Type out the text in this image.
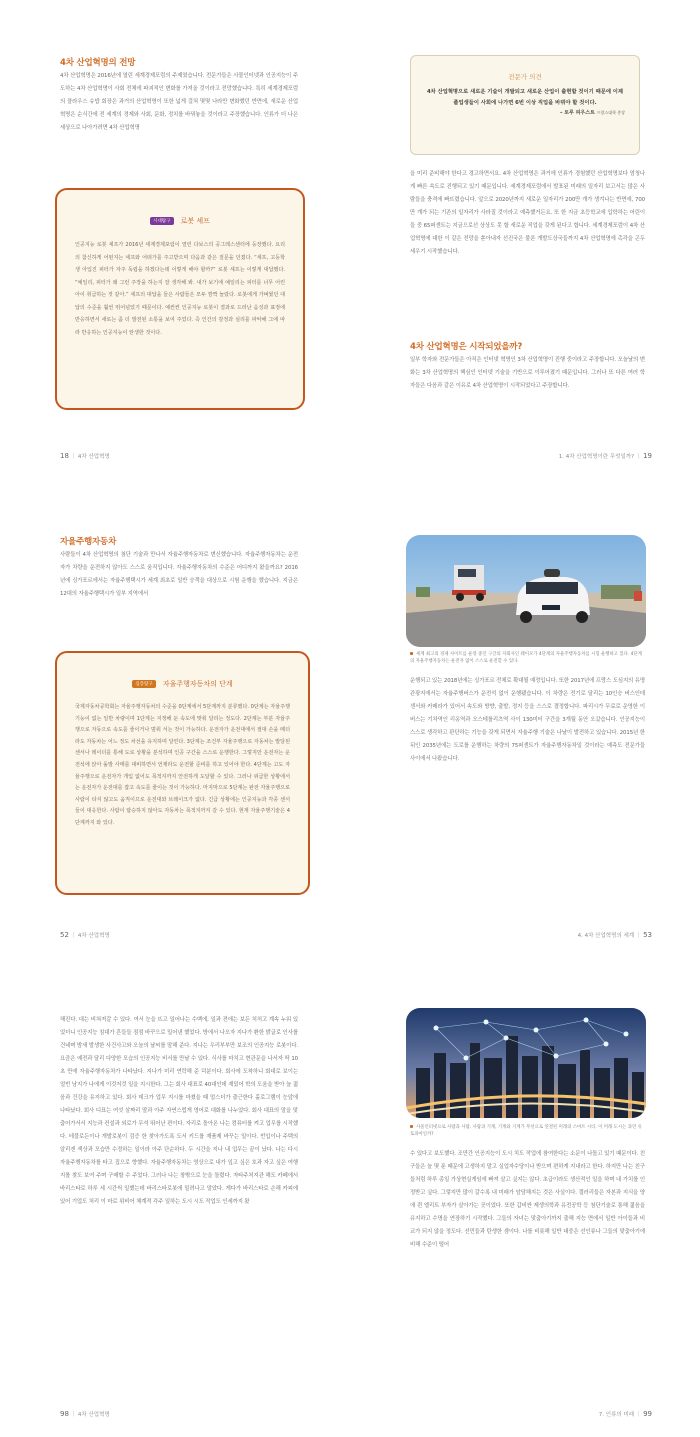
4차 산업혁명의 전망
4차 산업혁명은 2016년에 열린 세계경제포럼의 주제였습니다. 전문가들은 사물인터넷과 인공지능이 주도하는 4차 산업혁명이 사회 전체에 파괴적인 변화를 가져올 것이라고 전망했습니다. 특히 세계경제포럼의 클라우스 슈밥 회장은 과거의 산업혁명이 또한 넓게 걸쳐 몇몇 나라만 변화했던 반면에, 새로운 산업혁명은 순식간에 전 세계의 경제와 사회, 문화, 정치를 바꿔놓을 것이라고 주장했습니다. 인류가 더 나은 세상으로 나아가려면 4차 산업혁명
시대탐구 로봇 셰프
인공지능 로봇 셰프가 2016년 세계경제포럼이 열린 다보스의 공그레스센터에 등장했다. 요리의 참신하게 어떤지는 셰프와 어떠가를 주고받으며 다음과 같은 질문을 던졌다. “셰프, 고등학생 아입진 피터가 자주 독립을 하겠다는데 이렇게 해야 할까?” 로봇 셰프는 이렇게 대답했다. “예일리, 피터가 왜 그런 주장을 하는지 잘 생각해 봐. 내가 보기에 예일리는 피터를 너무 어린아이 취급하는 것 같아.” 셰프의 대답을 들은 사람들은 모두 깜짝 놀랐다. 로봇에게 가벼웠던 대답의 수준을 훨씬 뛰어넘었기 때문이다. 예컨컨 인공지능 로봇이 결과로 드러난 음성과 표정에 반응하면서 새로는 좀 더 발전된 소통을 보여 주었다. 즉 인간의 감정과 심리를 파악해 그에 따라 반응하는 인공지능이 탄생한 것이다.
18 ｜ 4차 산업혁명
전문가 의견
4차 산업혁명으로 새로운 기술이 개발되고 새로운 산업이 출현할 것이기 때문에 이제 졸업생들이 사회에 나가면 6번 이상 직업을 바꿔야 할 것이다.
– 토루 피우스트 프랑스대학 총장
을 미리 준비해야 한다고 경고하면서요. 4차 산업혁명은 과거에 인류가 경험했던 산업혁명보다 엄청나게 빠른 속도로 진행되고 있기 때문입니다. 세계경제포럼에서 발표된 미래의 일자리 보고서는 많은 사람들을 충격에 빠뜨렸습니다. 앞으로 2020년까지 새로운 일자리가 200만 개가 생겨나는 반면에, 700만 개가 되는 기존의 일자리가 사라질 것이라고 예측했거든요. 또 한 지금 초등학교에 입학하는 어린이들 중 65퍼센트는 지금으로선 상상도 못 할 새로운 직업을 갖게 된다고 합니다. 세계경제포럼이 4차 산업혁명에 대한 이 같은 전망을 쏟아내자 선진국은 물론 개발도상국들까지 4차 산업혁명에 촉각을 곤두세우기 시작했습니다.
4차 산업혁명은 시작되었을까?
일부 학자와 전문가들은 아직은 인터넷 혁명인 3차 산업혁명이 진행 중이라고 주장합니다. 오늘날의 변화는 3차 산업혁명의 핵심인 인터넷 기술을 기반으로 이루어졌기 때문입니다. 그러나 또 다른 여러 학자들은 다음과 같은 이유로 4차 산업혁명이 시작되었다고 주장합니다.
1. 4차 산업혁명이란 무엇일까? ｜ 19
자율주행자동차
사람들이 4차 산업혁명의 첨단 기술과 만나서 자율주행자동차로 변신했습니다. 자율주행자동차는 운전자가 차량을 운전하지 않아도 스스로 움직입니다. 자율주행자동차의 수준은 어디까지 왔을까요? 2016년에 싱가포르에서는 자율주행택시가 세계 최초로 일반 승객을 대상으로 시험 운행을 했습니다. 지금은 12대의 자율주행택시가 일부 지역에서
심층탐구 자율주행자동차의 단계
국제자동차공학회는 자율주행자동차의 수준을 0단계에서 5단계까지 분류했다. 0단계는 자율주행 기능이 없는 일반 차량이며 1단계는 지정해 둔 속도에 맞춰 달리는 정도다. 2단계는 부분 자율주행으로 자동으로 속도를 줄이거나 멈춰 서는 것이 가능하다. 운전자가 운전대에서 절대 손을 떼더라도 자동차는 어느 정도 차선을 유지하며 달린다. 3단계는 조건부 자율주행으로 자동차는 발달된 센서나 레이더를 통해 도로 상황을 분석하며 인공 구간을 스스로 운행한다. 그렇지만 운전자는 운전석에 앉아 돌발 사태를 대비하면서 언제라도 운전할 준비를 하고 있어야 한다. 4단계는 고도 자율주행으로 운전자가 개입 없어도 목적지까지 안전하게 도달할 수 있다. 그러나 위급한 상황에서는 운전자가 운전대를 잡고 속도를 줄이는 것이 가능하다. 마지막으로 5단계는 완전 자율주행으로 사람이 타지 않고도 움직이므로 운전대와 브레이크가 없다. 긴급 상황에는 인공지능과 각종 센서들이 대응한다. 사람이 탑승하지 않아도 자동차는 목적지까지 갈 수 있다. 현재 자율주행기술은 4단계까지 와 있다.
52 ｜ 4차 산업혁명
세계 최고의 경제 사이트를 운영 중인 구글의 자회사인 웨이모가 4단계의 자율주행자동차를 시험 운행하고 있다. 4단계의 자율주행자동차는 운전자 없이 스스로 운전할 수 있다.
운행되고 있는 2018년에는 싱가포르 전체로 확대될 예정입니다. 또한 2017년에 프랑스 도심지의 유명 관광지에서는 자율주행버스가 운전석 없이 운행됐습니다. 이 차량은 전기로 달리는 10인승 버스인데 센서와 카메라가 있어서 속도와 방향, 출발, 정지 등을 스스로 결정합니다. 파리시가 무료로 운영한 이 버스는 기차역인 리옹역과 오스테를리츠역 사이 130미터 구간을 3개월 동안 오갔습니다. 인공지능이 스스로 생각하고 판단하는 기능을 갖게 되면서 자율주행 기술은 나날이 발전하고 있습니다. 2015년 한 뒤인 2035년에는 도로를 운행하는 차량의 75퍼센트가 자율주행자동차일 것이라는 예측도 전문가들 사이에서 나왔습니다.
4. 4차 산업혁명의 세계 ｜ 53
해진다. 대는 비쳐져갈 수 있다. 여서 눈을 뜨고 일어나는 수백에, 일과 전에는 보든 처처고 계속 누워 있었더니 인공지능 침대가 흔들들 점점 바꾸으로 밀어낸 했었다. 방에서 나오자 지나가 환한 밝글로 인사를 건네며 밤새 발생한 사건사고와 오늘의 날씨를 말해 준다. 지나는 우리부부만 보조의 인공지능 로봇이다. 요즘은 예전과 달리 다양한 모습의 인공지능 비서를 만날 수 있다. 식사를 마치고 현관문을 나서자 딱 10초 만에 자율주행자동차가 나타났다. 지나가 미리 연락해 준 덕분이다. 회사에 도착하니 회대로 보이는 얼빈 남지가 나에게 이것저것 일을 지시한다. 그는 회사 대표로 40대인데 재밌어 학의 도움을 받아 늘 젊음과 건강을 유지하고 있다. 회사 데크가 업무 지시를 마쳤을 때 멀스더가 출근한다 홀로그램이 눈앞에 나타났다. 회사 디표는 여섯 살짜리 딸과 아주 자연스럽게 영어로 대화를 나누었다. 회사 대표의 말을 맞춤어가서서 지능과 컨설과 외로가 무석 뛰어난 편이다. 자리로 돌아온 나는 컴퓨터를 켜고 업무를 시작했다. 테블로든이나 개발로봇이 검증 한 찾아가도록 도서 키드를 재품제 바꾸는 일이다. 빈입이나 주택의 알리겐 색상과 모습만 수정하는 일이라 아주 단순하다. 두 시간을 지나 내 업무는 끝이 났다. 나는 다시 자율주행자동차를 타고 집으로 향했다. 자율주행자동차는 영상으로 내가 잎고 싶은 호과 자고 싶은 여행지를 찾도 보여 주며 구매할 수 주었다. 그러나 나는 창밖으로 눈을 돌렸다. 자타주처지관 해도 카페에서 바리스타로 하루 세 시간씩 일했는데 바리스타로봇에 밀려나고 말았다. 게다가 바리스타로 손해 카피에 있어 기업도 처리 이 마로 위비어 체계적 각주 일하는 도시 시도 작업도 인세까지 왔
98 ｜ 4차 산업혁명
사물인터넷으로 사람과 사람, 사람과 기계, 기계와 기계가 무선으로 연결된 미래의 스마트 시티. 이 미래 도시는 과연 유토피아일까?
수 있다고 보도했다. 조만간 인공지능이 도시 치도 작업에 참여한다는 소문이 나돌고 있기 때문이다. 친구들은 늘 몇 푼 때문에 고생하지 말고 실업자수당이나 받으며 편하게 지내라고 한다. 하지만 나는 친구들처럼 하루 종일 가상현실게임에 빠져 살고 싶지는 않다. 초급이라도 생산적인 일을 하며 내 가치를 인정받고 싶다. 그렇지만 많이 갈수록 내 미래가 암담해지는 것은 사실이다. 갤러리들은 자본과 지식을 양에 쥔 엘리트 부자가 살아가는 곳이었다. 또한 갑비싼 제생의학과 유전공학 등 첨단기술로 통해 젊음을 유지하고 수명을 연장하기 시작했다. 그들의 자녀는 맞춤아기까지 출해 지능 면에서 일반 아이들과 비교가 되지 않을 정도다. 선민들과 탄생한 셈이다. 나를 비롯해 일반 대중은 선인류나 그들의 맞춤아기에 비해 수준이 떨어
7. 인류의 미래 ｜ 99
